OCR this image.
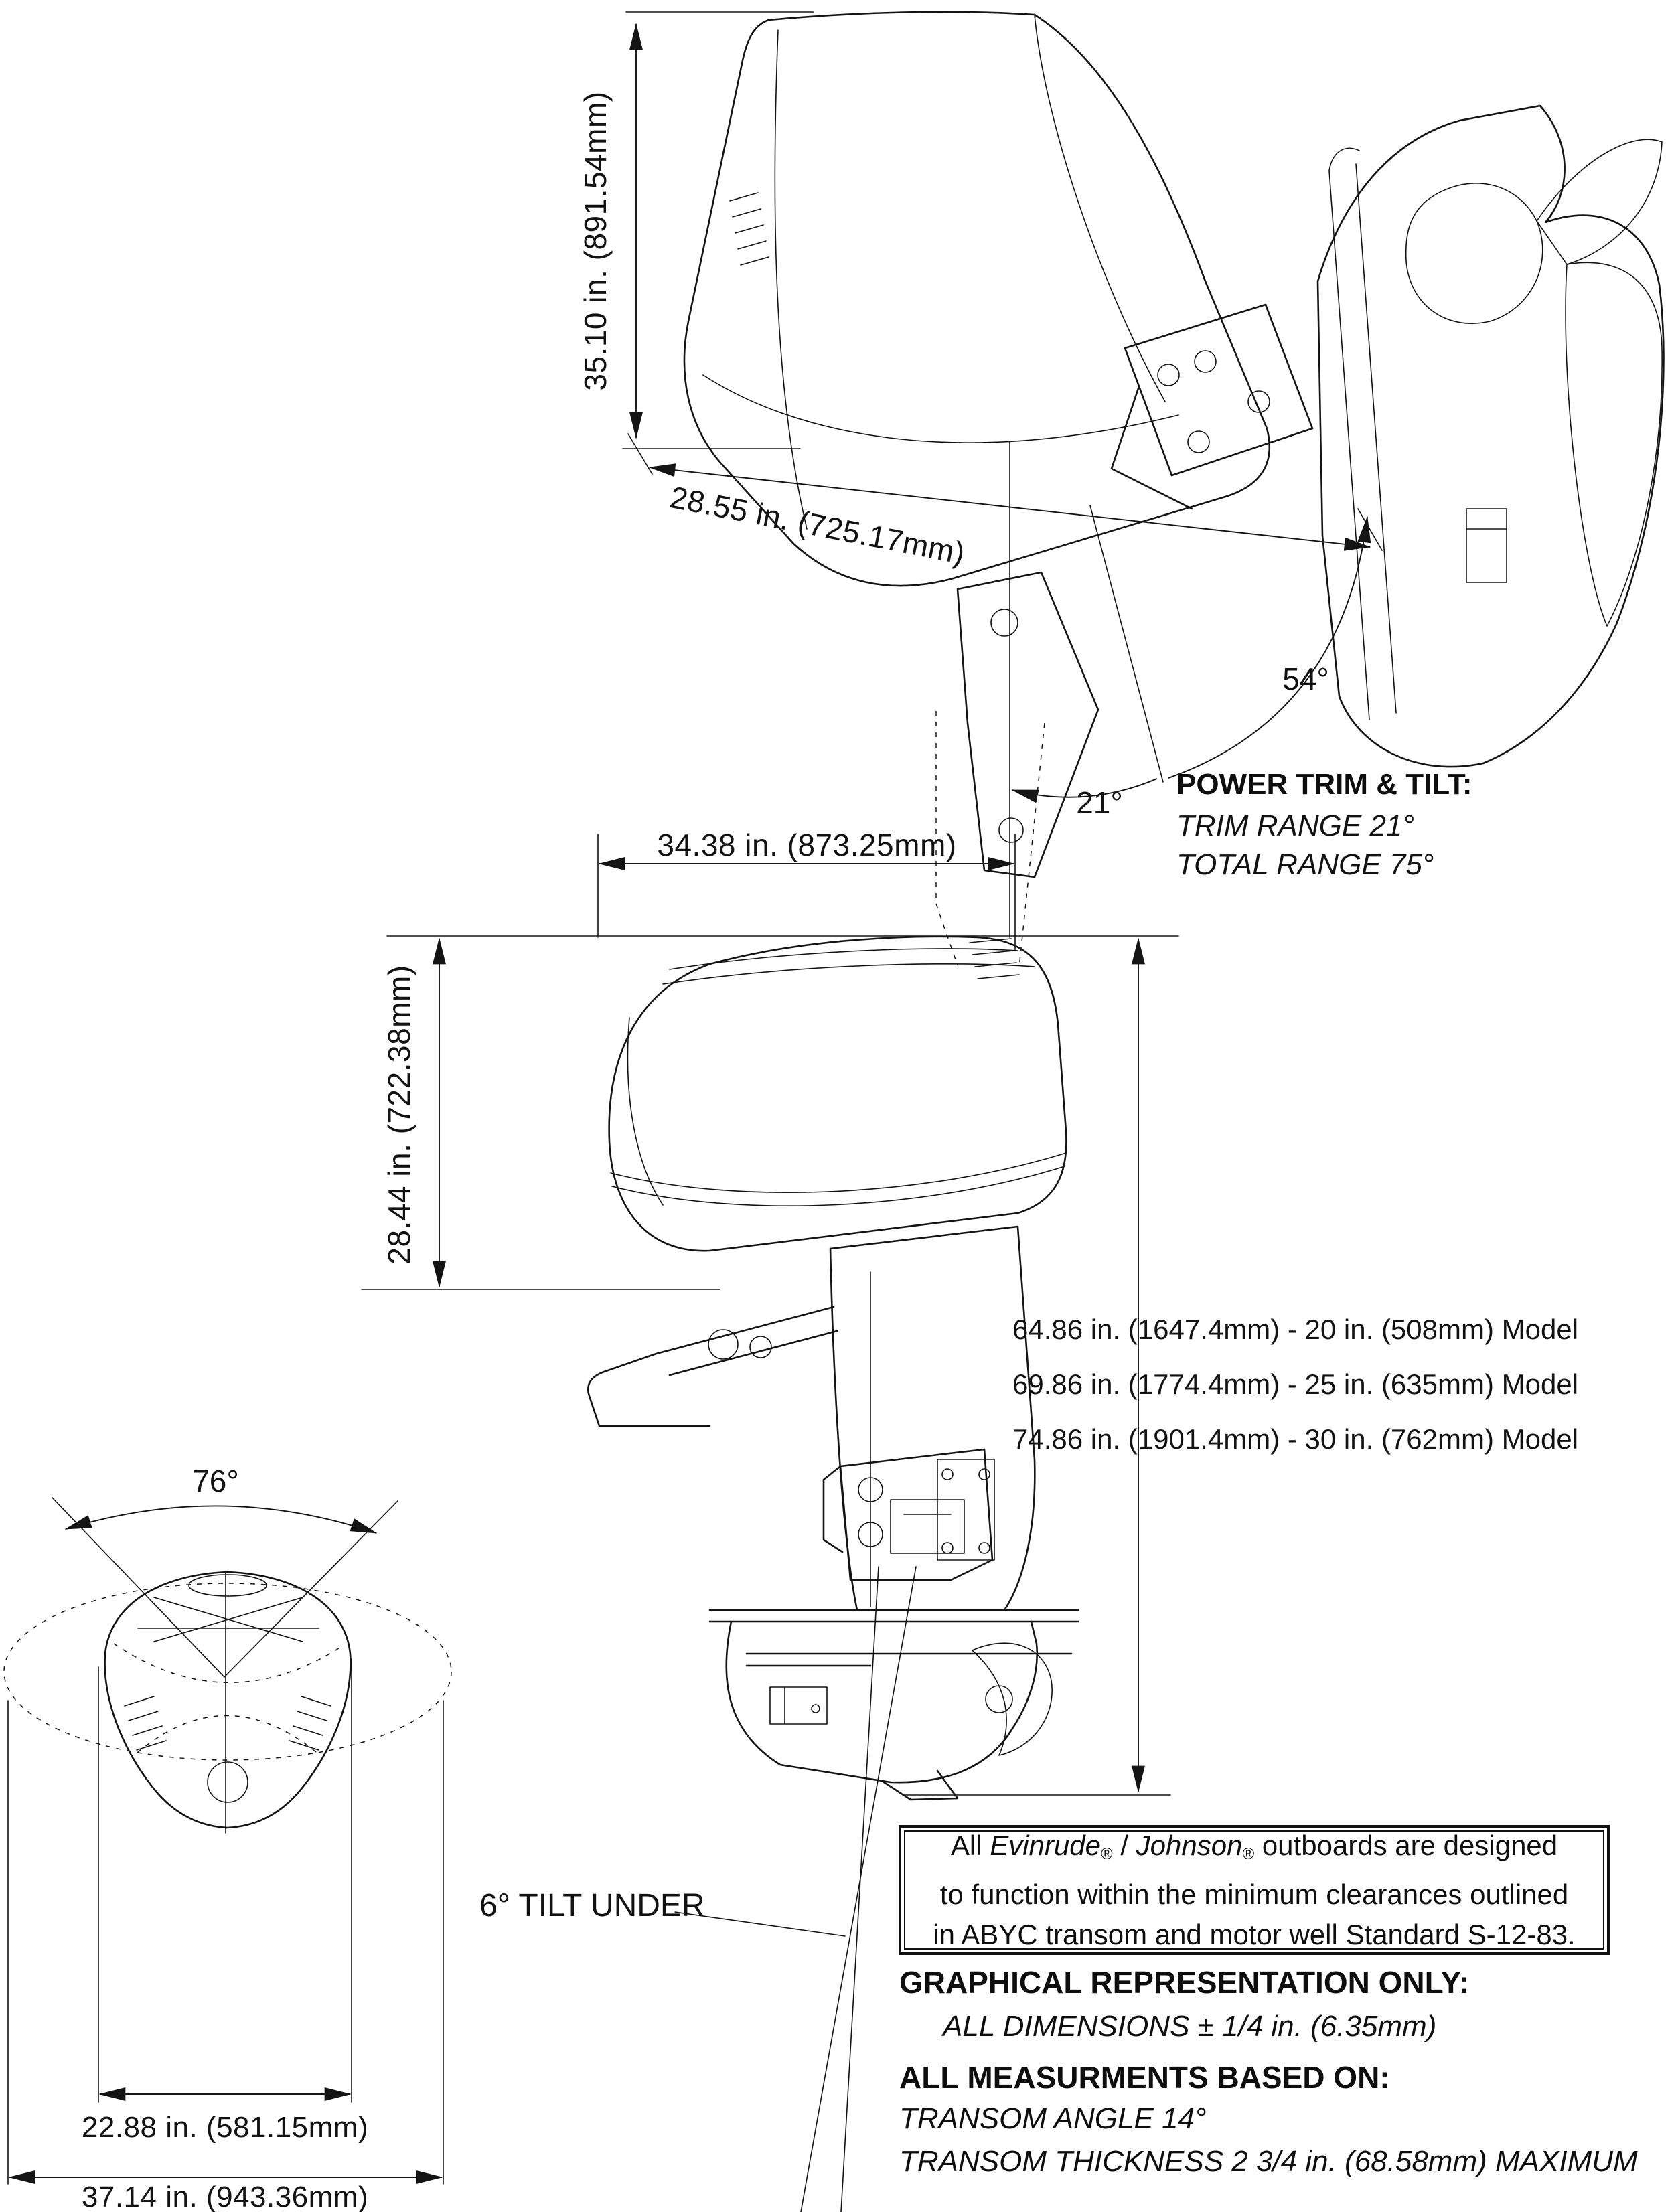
35.10 in. (891.54mm)
28.55 in. (725.17mm)
54°
21°
POWER TRIM & TILT:
TRIM RANGE 21°
TOTAL RANGE 75°
34.38 in. (873.25mm)
28.44 in. (722.38mm)
64.86 in. (1647.4mm) - 20 in. (508mm) Model
69.86 in. (1774.4mm) - 25 in. (635mm) Model
74.86 in. (1901.4mm) - 30 in. (762mm) Model
6° TILT UNDER
76°
22.88 in. (581.15mm)
37.14 in. (943.36mm)

All Evinrude® / Johnson® outboards are designed

to function within the minimum clearances outlined

in ABYC transom and motor well Standard S-12-83.

GRAPHICAL REPRESENTATION ONLY:
ALL DIMENSIONS ± 1/4 in. (6.35mm)
ALL MEASURMENTS BASED ON:
TRANSOM ANGLE 14°
TRANSOM THICKNESS 2 3/4 in. (68.58mm) MAXIMUM
